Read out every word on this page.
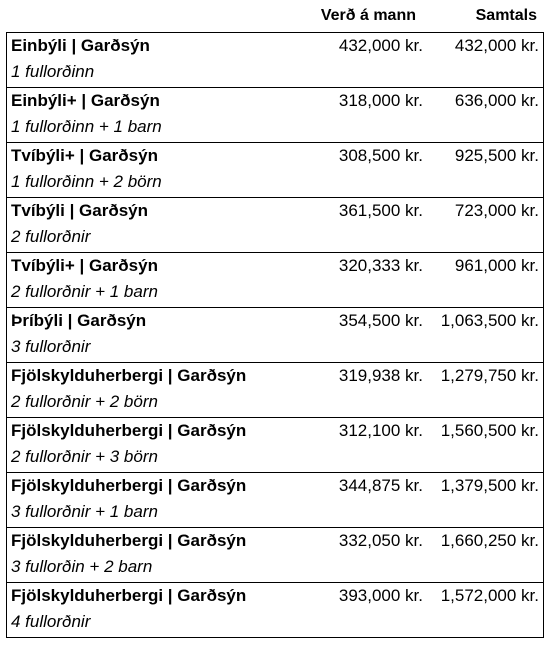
Verð á mann	Samtals
Einbýli | Garðsýn
1 fullorðinn
432,000 kr.	432,000 kr.
Einbýli+ | Garðsýn
1 fullorðinn + 1 barn
318,000 kr.	636,000 kr.
Tvíbýli+ | Garðsýn
1 fullorðinn + 2 börn
308,500 kr.	925,500 kr.
Tvíbýli | Garðsýn
2 fullorðnir
361,500 kr.	723,000 kr.
Tvíbýli+ | Garðsýn
2 fullorðnir + 1 barn
320,333 kr.	961,000 kr.
Þríbýli | Garðsýn
3 fullorðnir
354,500 kr.	1,063,500 kr.
Fjölskylduherbergi | Garðsýn
2 fullorðnir + 2 börn
319,938 kr.	1,279,750 kr.
Fjölskylduherbergi | Garðsýn
2 fullorðnir + 3 börn
312,100 kr.	1,560,500 kr.
Fjölskylduherbergi | Garðsýn
3 fullorðnir + 1 barn
344,875 kr.	1,379,500 kr.
Fjölskylduherbergi | Garðsýn
3 fullorðin + 2 barn
332,050 kr.	1,660,250 kr.
Fjölskylduherbergi | Garðsýn
4 fullorðnir
393,000 kr.	1,572,000 kr.
